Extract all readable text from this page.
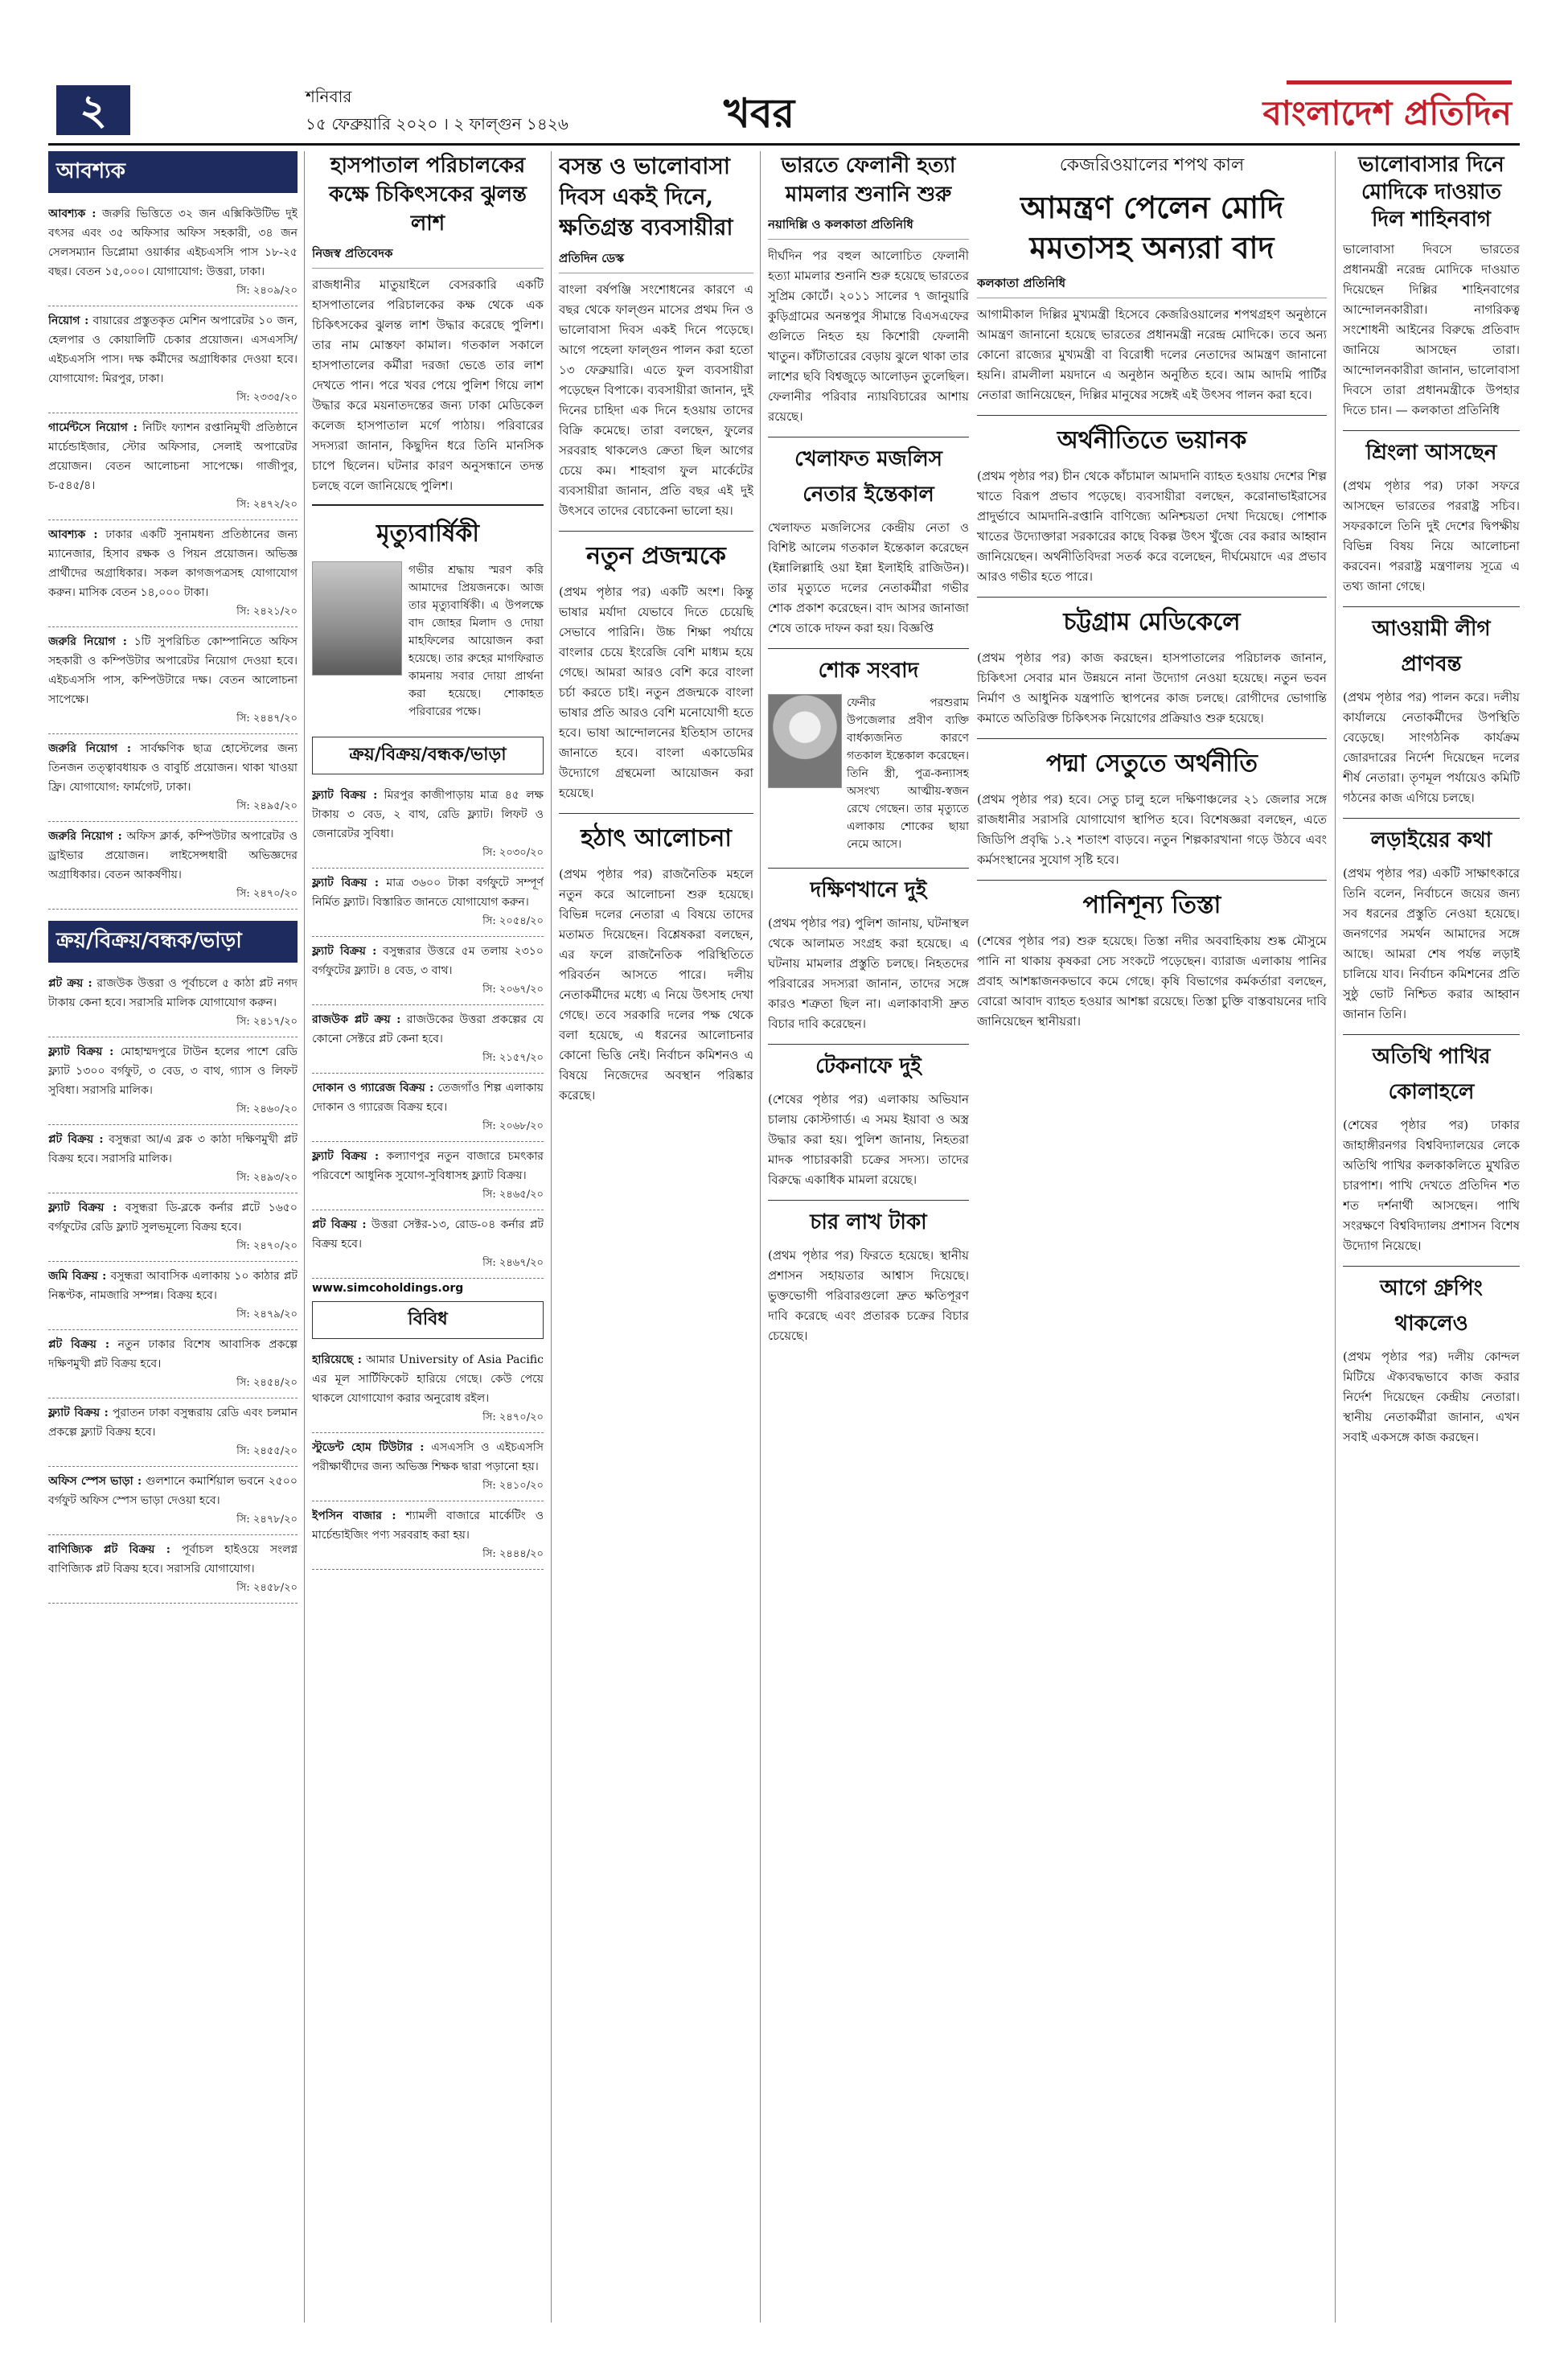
২	শনিবার
১৫ ফেব্রুয়ারি ২০২০ । ২ ফাল্গুন ১৪২৬	খবর	বাংলাদেশ প্রতিদিন
আবশ্যক
আবশ্যক : জরুরি ভিত্তিতে ৩২ জন এক্সিকিউটিভ দুই বৎসর এবং ৩৫ অফিসার অফিস সহকারী, ৩৪ জন সেলসম্যান ডিপ্লোমা ওয়ার্কার এইচএসসি পাস ১৮-২৫ বছর। বেতন ১৫,০০০। যোগাযোগ: উত্তরা, ঢাকা।
সি: ২৪০৯/২০
নিয়োগ : বায়ারের প্রস্তুতকৃত মেশিন অপারেটর ১০ জন, হেলপার ও কোয়ালিটি চেকার প্রয়োজন। এসএসসি/এইচএসসি পাস। দক্ষ কর্মীদের অগ্রাধিকার দেওয়া হবে। যোগাযোগ: মিরপুর, ঢাকা।
সি: ২৩৩৫/২০
গার্মেন্টসে নিয়োগ : নিটিং ফ্যাশন রপ্তানিমুখী প্রতিষ্ঠানে মার্চেন্ডাইজার, স্টোর অফিসার, সেলাই অপারেটর প্রয়োজন। বেতন আলোচনা সাপেক্ষে। গাজীপুর, চ-৫৪৫/৪।
সি: ২৪৭২/২০
আবশ্যক : ঢাকার একটি সুনামধন্য প্রতিষ্ঠানের জন্য ম্যানেজার, হিসাব রক্ষক ও পিয়ন প্রয়োজন। অভিজ্ঞ প্রার্থীদের অগ্রাধিকার। সকল কাগজপত্রসহ যোগাযোগ করুন। মাসিক বেতন ১৪,০০০ টাকা।
সি: ২৪২১/২০
জরুরি নিয়োগ : ১টি সুপরিচিত কোম্পানিতে অফিস সহকারী ও কম্পিউটার অপারেটর নিয়োগ দেওয়া হবে। এইচএসসি পাস, কম্পিউটারে দক্ষ। বেতন আলোচনা সাপেক্ষে।
সি: ২৪৪৭/২০
জরুরি নিয়োগ : সার্বক্ষণিক ছাত্র হোস্টেলের জন্য তিনজন তত্ত্বাবধায়ক ও বাবুর্চি প্রয়োজন। থাকা খাওয়া ফ্রি। যোগাযোগ: ফার্মগেট, ঢাকা।
সি: ২৪৯৫/২০
জরুরি নিয়োগ : অফিস ক্লার্ক, কম্পিউটার অপারেটর ও ড্রাইভার প্রয়োজন। লাইসেন্সধারী অভিজ্ঞদের অগ্রাধিকার। বেতন আকর্ষণীয়।
সি: ২৪৭০/২০
ক্রয়/বিক্রয়/বন্ধক/ভাড়া
প্লট ক্রয় : রাজউক উত্তরা ও পূর্বাচলে ৫ কাঠা প্লট নগদ টাকায় কেনা হবে। সরাসরি মালিক যোগাযোগ করুন।
সি: ২৪১৭/২০
ফ্ল্যাট বিক্রয় : মোহাম্মদপুরে টাউন হলের পাশে রেডি ফ্ল্যাট ১৩০০ বর্গফুট, ৩ বেড, ৩ বাথ, গ্যাস ও লিফট সুবিধা। সরাসরি মালিক।
সি: ২৪৬০/২০
প্লট বিক্রয় : বসুন্ধরা আ/এ ব্লক ৩ কাঠা দক্ষিণমুখী প্লট বিক্রয় হবে। সরাসরি মালিক।
সি: ২৪৯৩/২০
ফ্ল্যাট বিক্রয় : বসুন্ধরা ডি-ব্লকে কর্নার প্লটে ১৬৫০ বর্গফুটের রেডি ফ্ল্যাট সুলভমূল্যে বিক্রয় হবে।
সি: ২৪৭০/২০
জমি বিক্রয় : বসুন্ধরা আবাসিক এলাকায় ১০ কাঠার প্লট নিষ্কণ্টক, নামজারি সম্পন্ন। বিক্রয় হবে।
সি: ২৪৭৯/২০
প্লট বিক্রয় : নতুন ঢাকার বিশেষ আবাসিক প্রকল্পে দক্ষিণমুখী প্লট বিক্রয় হবে।
সি: ২৪৫৪/২০
ফ্ল্যাট বিক্রয় : পুরাতন ঢাকা বসুন্ধরায় রেডি এবং চলমান প্রকল্পে ফ্ল্যাট বিক্রয় হবে।
সি: ২৪৫৫/২০
অফিস স্পেস ভাড়া : গুলশানে কমার্শিয়াল ভবনে ২৫০০ বর্গফুট অফিস স্পেস ভাড়া দেওয়া হবে।
সি: ২৪৭৮/২০
বাণিজ্যিক প্লট বিক্রয় : পূর্বাচল হাইওয়ে সংলগ্ন বাণিজ্যিক প্লট বিক্রয় হবে। সরাসরি যোগাযোগ।
সি: ২৪৫৮/২০
হাসপাতাল পরিচালকের কক্ষে চিকিৎসকের ঝুলন্ত লাশ
নিজস্ব প্রতিবেদক

রাজধানীর মাতুয়াইলে বেসরকারি একটি হাসপাতালের পরিচালকের কক্ষ থেকে এক চিকিৎসকের ঝুলন্ত লাশ উদ্ধার করেছে পুলিশ। তার নাম মোস্তফা কামাল। গতকাল সকালে হাসপাতালের কর্মীরা দরজা ভেঙে তার লাশ দেখতে পান। পরে খবর পেয়ে পুলিশ গিয়ে লাশ উদ্ধার করে ময়নাতদন্তের জন্য ঢাকা মেডিকেল কলেজ হাসপাতাল মর্গে পাঠায়। পরিবারের সদস্যরা জানান, কিছুদিন ধরে তিনি মানসিক চাপে ছিলেন। ঘটনার কারণ অনুসন্ধানে তদন্ত চলছে বলে জানিয়েছে পুলিশ।

মৃত্যুবার্ষিকী

গভীর শ্রদ্ধায় স্মরণ করি আমাদের প্রিয়জনকে। আজ তার মৃত্যুবার্ষিকী। এ উপলক্ষে বাদ জোহর মিলাদ ও দোয়া মাহফিলের আয়োজন করা হয়েছে। তার রুহের মাগফিরাত কামনায় সবার দোয়া প্রার্থনা করা হয়েছে। শোকাহত পরিবারের পক্ষে।

ক্রয়/বিক্রয়/বন্ধক/ভাড়া
ফ্ল্যাট বিক্রয় : মিরপুর কাজীপাড়ায় মাত্র ৪৫ লক্ষ টাকায় ৩ বেড, ২ বাথ, রেডি ফ্ল্যাট। লিফট ও জেনারেটর সুবিধা।
সি: ২০৩০/২০
ফ্ল্যাট বিক্রয় : মাত্র ৩৬০০ টাকা বর্গফুটে সম্পূর্ণ নির্মিত ফ্ল্যাট। বিস্তারিত জানতে যোগাযোগ করুন।
সি: ২০৫৪/২০
ফ্ল্যাট বিক্রয় : বসুন্ধরার উত্তরে ৫ম তলায় ২৩১০ বর্গফুটের ফ্ল্যাট। ৪ বেড, ৩ বাথ।
সি: ২০৬৭/২০
রাজউক প্লট ক্রয় : রাজউকের উত্তরা প্রকল্পের যে কোনো সেক্টরে প্লট কেনা হবে।
সি: ২১৫৭/২০
দোকান ও গ্যারেজ বিক্রয় : তেজগাঁও শিল্প এলাকায় দোকান ও গ্যারেজ বিক্রয় হবে।
সি: ২০৬৮/২০
ফ্ল্যাট বিক্রয় : কল্যাণপুর নতুন বাজারে চমৎকার পরিবেশে আধুনিক সুযোগ-সুবিধাসহ ফ্ল্যাট বিক্রয়।
সি: ২৪৬৫/২০
প্লট বিক্রয় : উত্তরা সেক্টর-১৩, রোড-০৪ কর্নার প্লট বিক্রয় হবে।
সি: ২৪৬৭/২০
www.simcoholdings.org
বিবিধ
হারিয়েছে : আমার University of Asia Pacific এর মূল সার্টিফিকেট হারিয়ে গেছে। কেউ পেয়ে থাকলে যোগাযোগ করার অনুরোধ রইল।
সি: ২৪৭০/২০
স্টুডেন্ট হোম টিউটার : এসএসসি ও এইচএসসি পরীক্ষার্থীদের জন্য অভিজ্ঞ শিক্ষক দ্বারা পড়ানো হয়।
সি: ২৪১০/২০
ইপসিন বাজার : শ্যামলী বাজারে মার্কেটিং ও মার্চেন্ডাইজিং পণ্য সরবরাহ করা হয়।
সি: ২৪৪৪/২০
বসন্ত ও ভালোবাসা দিবস একই দিনে, ক্ষতিগ্রস্ত ব্যবসায়ীরা
প্রতিদিন ডেস্ক

বাংলা বর্ষপঞ্জি সংশোধনের কারণে এ বছর থেকে ফাল্গুন মাসের প্রথম দিন ও ভালোবাসা দিবস একই দিনে পড়েছে। আগে পহেলা ফাল্গুন পালন করা হতো ১৩ ফেব্রুয়ারি। এতে ফুল ব্যবসায়ীরা পড়েছেন বিপাকে। ব্যবসায়ীরা জানান, দুই দিনের চাহিদা এক দিনে হওয়ায় তাদের বিক্রি কমেছে। তারা বলছেন, ফুলের সরবরাহ থাকলেও ক্রেতা ছিল আগের চেয়ে কম। শাহবাগ ফুল মার্কেটের ব্যবসায়ীরা জানান, প্রতি বছর এই দুই উৎসবে তাদের বেচাকেনা ভালো হয়।

নতুন প্রজন্মকে

(প্রথম পৃষ্ঠার পর) একটি অংশ। কিন্তু ভাষার মর্যাদা যেভাবে দিতে চেয়েছি সেভাবে পারিনি। উচ্চ শিক্ষা পর্যায়ে বাংলার চেয়ে ইংরেজি বেশি মাধ্যম হয়ে গেছে। আমরা আরও বেশি করে বাংলা চর্চা করতে চাই। নতুন প্রজন্মকে বাংলা ভাষার প্রতি আরও বেশি মনোযোগী হতে হবে। ভাষা আন্দোলনের ইতিহাস তাদের জানাতে হবে। বাংলা একাডেমির উদ্যোগে গ্রন্থমেলা আয়োজন করা হয়েছে।

হঠাৎ আলোচনা

(প্রথম পৃষ্ঠার পর) রাজনৈতিক মহলে নতুন করে আলোচনা শুরু হয়েছে। বিভিন্ন দলের নেতারা এ বিষয়ে তাদের মতামত দিয়েছেন। বিশ্লেষকরা বলছেন, এর ফলে রাজনৈতিক পরিস্থিতিতে পরিবর্তন আসতে পারে। দলীয় নেতাকর্মীদের মধ্যে এ নিয়ে উৎসাহ দেখা গেছে। তবে সরকারি দলের পক্ষ থেকে বলা হয়েছে, এ ধরনের আলোচনার কোনো ভিত্তি নেই। নির্বাচন কমিশনও এ বিষয়ে নিজেদের অবস্থান পরিষ্কার করেছে।

ভারতে ফেলানী হত্যা মামলার শুনানি শুরু
নয়াদিল্লি ও কলকাতা প্রতিনিধি

দীর্ঘদিন পর বহুল আলোচিত ফেলানী হত্যা মামলার শুনানি শুরু হয়েছে ভারতের সুপ্রিম কোর্টে। ২০১১ সালের ৭ জানুয়ারি কুড়িগ্রামের অনন্তপুর সীমান্তে বিএসএফের গুলিতে নিহত হয় কিশোরী ফেলানী খাতুন। কাঁটাতারের বেড়ায় ঝুলে থাকা তার লাশের ছবি বিশ্বজুড়ে আলোড়ন তুলেছিল। ফেলানীর পরিবার ন্যায়বিচারের আশায় রয়েছে।

খেলাফত মজলিস নেতার ইন্তেকাল

খেলাফত মজলিসের কেন্দ্রীয় নেতা ও বিশিষ্ট আলেম গতকাল ইন্তেকাল করেছেন (ইন্নালিল্লাহি ওয়া ইন্না ইলাইহি রাজিউন)। তার মৃত্যুতে দলের নেতাকর্মীরা গভীর শোক প্রকাশ করেছেন। বাদ আসর জানাজা শেষে তাকে দাফন করা হয়। বিজ্ঞপ্তি

শোক সংবাদ

ফেনীর পরশুরাম উপজেলার প্রবীণ ব্যক্তি বার্ধক্যজনিত কারণে গতকাল ইন্তেকাল করেছেন। তিনি স্ত্রী, পুত্র-কন্যাসহ অসংখ্য আত্মীয়-স্বজন রেখে গেছেন। তার মৃত্যুতে এলাকায় শোকের ছায়া নেমে আসে।

দক্ষিণখানে দুই

(প্রথম পৃষ্ঠার পর) পুলিশ জানায়, ঘটনাস্থল থেকে আলামত সংগ্রহ করা হয়েছে। এ ঘটনায় মামলার প্রস্তুতি চলছে। নিহতদের পরিবারের সদস্যরা জানান, তাদের সঙ্গে কারও শত্রুতা ছিল না। এলাকাবাসী দ্রুত বিচার দাবি করেছেন।

টেকনাফে দুই

(শেষের পৃষ্ঠার পর) এলাকায় অভিযান চালায় কোস্টগার্ড। এ সময় ইয়াবা ও অস্ত্র উদ্ধার করা হয়। পুলিশ জানায়, নিহতরা মাদক পাচারকারী চক্রের সদস্য। তাদের বিরুদ্ধে একাধিক মামলা রয়েছে।

চার লাখ টাকা

(প্রথম পৃষ্ঠার পর) ফিরতে হয়েছে। স্থানীয় প্রশাসন সহায়তার আশ্বাস দিয়েছে। ভুক্তভোগী পরিবারগুলো দ্রুত ক্ষতিপূরণ দাবি করেছে এবং প্রতারক চক্রের বিচার চেয়েছে।

কেজরিওয়ালের শপথ কাল
আমন্ত্রণ পেলেন মোদি মমতাসহ অন্যরা বাদ
কলকাতা প্রতিনিধি

আগামীকাল দিল্লির মুখ্যমন্ত্রী হিসেবে কেজরিওয়ালের শপথগ্রহণ অনুষ্ঠানে আমন্ত্রণ জানানো হয়েছে ভারতের প্রধানমন্ত্রী নরেন্দ্র মোদিকে। তবে অন্য কোনো রাজ্যের মুখ্যমন্ত্রী বা বিরোধী দলের নেতাদের আমন্ত্রণ জানানো হয়নি। রামলীলা ময়দানে এ অনুষ্ঠান অনুষ্ঠিত হবে। আম আদমি পার্টির নেতারা জানিয়েছেন, দিল্লির মানুষের সঙ্গেই এই উৎসব পালন করা হবে।

অর্থনীতিতে ভয়ানক

(প্রথম পৃষ্ঠার পর) চীন থেকে কাঁচামাল আমদানি ব্যাহত হওয়ায় দেশের শিল্প খাতে বিরূপ প্রভাব পড়েছে। ব্যবসায়ীরা বলছেন, করোনাভাইরাসের প্রাদুর্ভাবে আমদানি-রপ্তানি বাণিজ্যে অনিশ্চয়তা দেখা দিয়েছে। পোশাক খাতের উদ্যোক্তারা সরকারের কাছে বিকল্প উৎস খুঁজে বের করার আহ্বান জানিয়েছেন। অর্থনীতিবিদরা সতর্ক করে বলেছেন, দীর্ঘমেয়াদে এর প্রভাব আরও গভীর হতে পারে।

চট্টগ্রাম মেডিকেলে

(প্রথম পৃষ্ঠার পর) কাজ করছেন। হাসপাতালের পরিচালক জানান, চিকিৎসা সেবার মান উন্নয়নে নানা উদ্যোগ নেওয়া হয়েছে। নতুন ভবন নির্মাণ ও আধুনিক যন্ত্রপাতি স্থাপনের কাজ চলছে। রোগীদের ভোগান্তি কমাতে অতিরিক্ত চিকিৎসক নিয়োগের প্রক্রিয়াও শুরু হয়েছে।

পদ্মা সেতুতে অর্থনীতি

(প্রথম পৃষ্ঠার পর) হবে। সেতু চালু হলে দক্ষিণাঞ্চলের ২১ জেলার সঙ্গে রাজধানীর সরাসরি যোগাযোগ স্থাপিত হবে। বিশেষজ্ঞরা বলছেন, এতে জিডিপি প্রবৃদ্ধি ১.২ শতাংশ বাড়বে। নতুন শিল্পকারখানা গড়ে উঠবে এবং কর্মসংস্থানের সুযোগ সৃষ্টি হবে।

পানিশূন্য তিস্তা

(শেষের পৃষ্ঠার পর) শুরু হয়েছে। তিস্তা নদীর অববাহিকায় শুষ্ক মৌসুমে পানি না থাকায় কৃষকরা সেচ সংকটে পড়েছেন। ব্যারাজ এলাকায় পানির প্রবাহ আশঙ্কাজনকভাবে কমে গেছে। কৃষি বিভাগের কর্মকর্তারা বলছেন, বোরো আবাদ ব্যাহত হওয়ার আশঙ্কা রয়েছে। তিস্তা চুক্তি বাস্তবায়নের দাবি জানিয়েছেন স্থানীয়রা।

ভালোবাসার দিনে মোদিকে দাওয়াত দিল শাহিনবাগ

ভালোবাসা দিবসে ভারতের প্রধানমন্ত্রী নরেন্দ্র মোদিকে দাওয়াত দিয়েছেন দিল্লির শাহিনবাগের আন্দোলনকারীরা। নাগরিকত্ব সংশোধনী আইনের বিরুদ্ধে প্রতিবাদ জানিয়ে আসছেন তারা। আন্দোলনকারীরা জানান, ভালোবাসা দিবসে তারা প্রধানমন্ত্রীকে উপহার দিতে চান। — কলকাতা প্রতিনিধি

শ্রিংলা আসছেন

(প্রথম পৃষ্ঠার পর) ঢাকা সফরে আসছেন ভারতের পররাষ্ট্র সচিব। সফরকালে তিনি দুই দেশের দ্বিপক্ষীয় বিভিন্ন বিষয় নিয়ে আলোচনা করবেন। পররাষ্ট্র মন্ত্রণালয় সূত্রে এ তথ্য জানা গেছে।

আওয়ামী লীগ প্রাণবন্ত

(প্রথম পৃষ্ঠার পর) পালন করে। দলীয় কার্যালয়ে নেতাকর্মীদের উপস্থিতি বেড়েছে। সাংগঠনিক কার্যক্রম জোরদারের নির্দেশ দিয়েছেন দলের শীর্ষ নেতারা। তৃণমূল পর্যায়েও কমিটি গঠনের কাজ এগিয়ে চলছে।

লড়াইয়ের কথা

(প্রথম পৃষ্ঠার পর) একটি সাক্ষাৎকারে তিনি বলেন, নির্বাচনে জয়ের জন্য সব ধরনের প্রস্তুতি নেওয়া হয়েছে। জনগণের সমর্থন আমাদের সঙ্গে আছে। আমরা শেষ পর্যন্ত লড়াই চালিয়ে যাব। নির্বাচন কমিশনের প্রতি সুষ্ঠু ভোট নিশ্চিত করার আহ্বান জানান তিনি।

অতিথি পাখির কোলাহলে

(শেষের পৃষ্ঠার পর) ঢাকার জাহাঙ্গীরনগর বিশ্ববিদ্যালয়ের লেকে অতিথি পাখির কলকাকলিতে মুখরিত চারপাশ। পাখি দেখতে প্রতিদিন শত শত দর্শনার্থী আসছেন। পাখি সংরক্ষণে বিশ্ববিদ্যালয় প্রশাসন বিশেষ উদ্যোগ নিয়েছে।

আগে গ্রুপিং থাকলেও

(প্রথম পৃষ্ঠার পর) দলীয় কোন্দল মিটিয়ে ঐক্যবদ্ধভাবে কাজ করার নির্দেশ দিয়েছেন কেন্দ্রীয় নেতারা। স্থানীয় নেতাকর্মীরা জানান, এখন সবাই একসঙ্গে কাজ করছেন।
